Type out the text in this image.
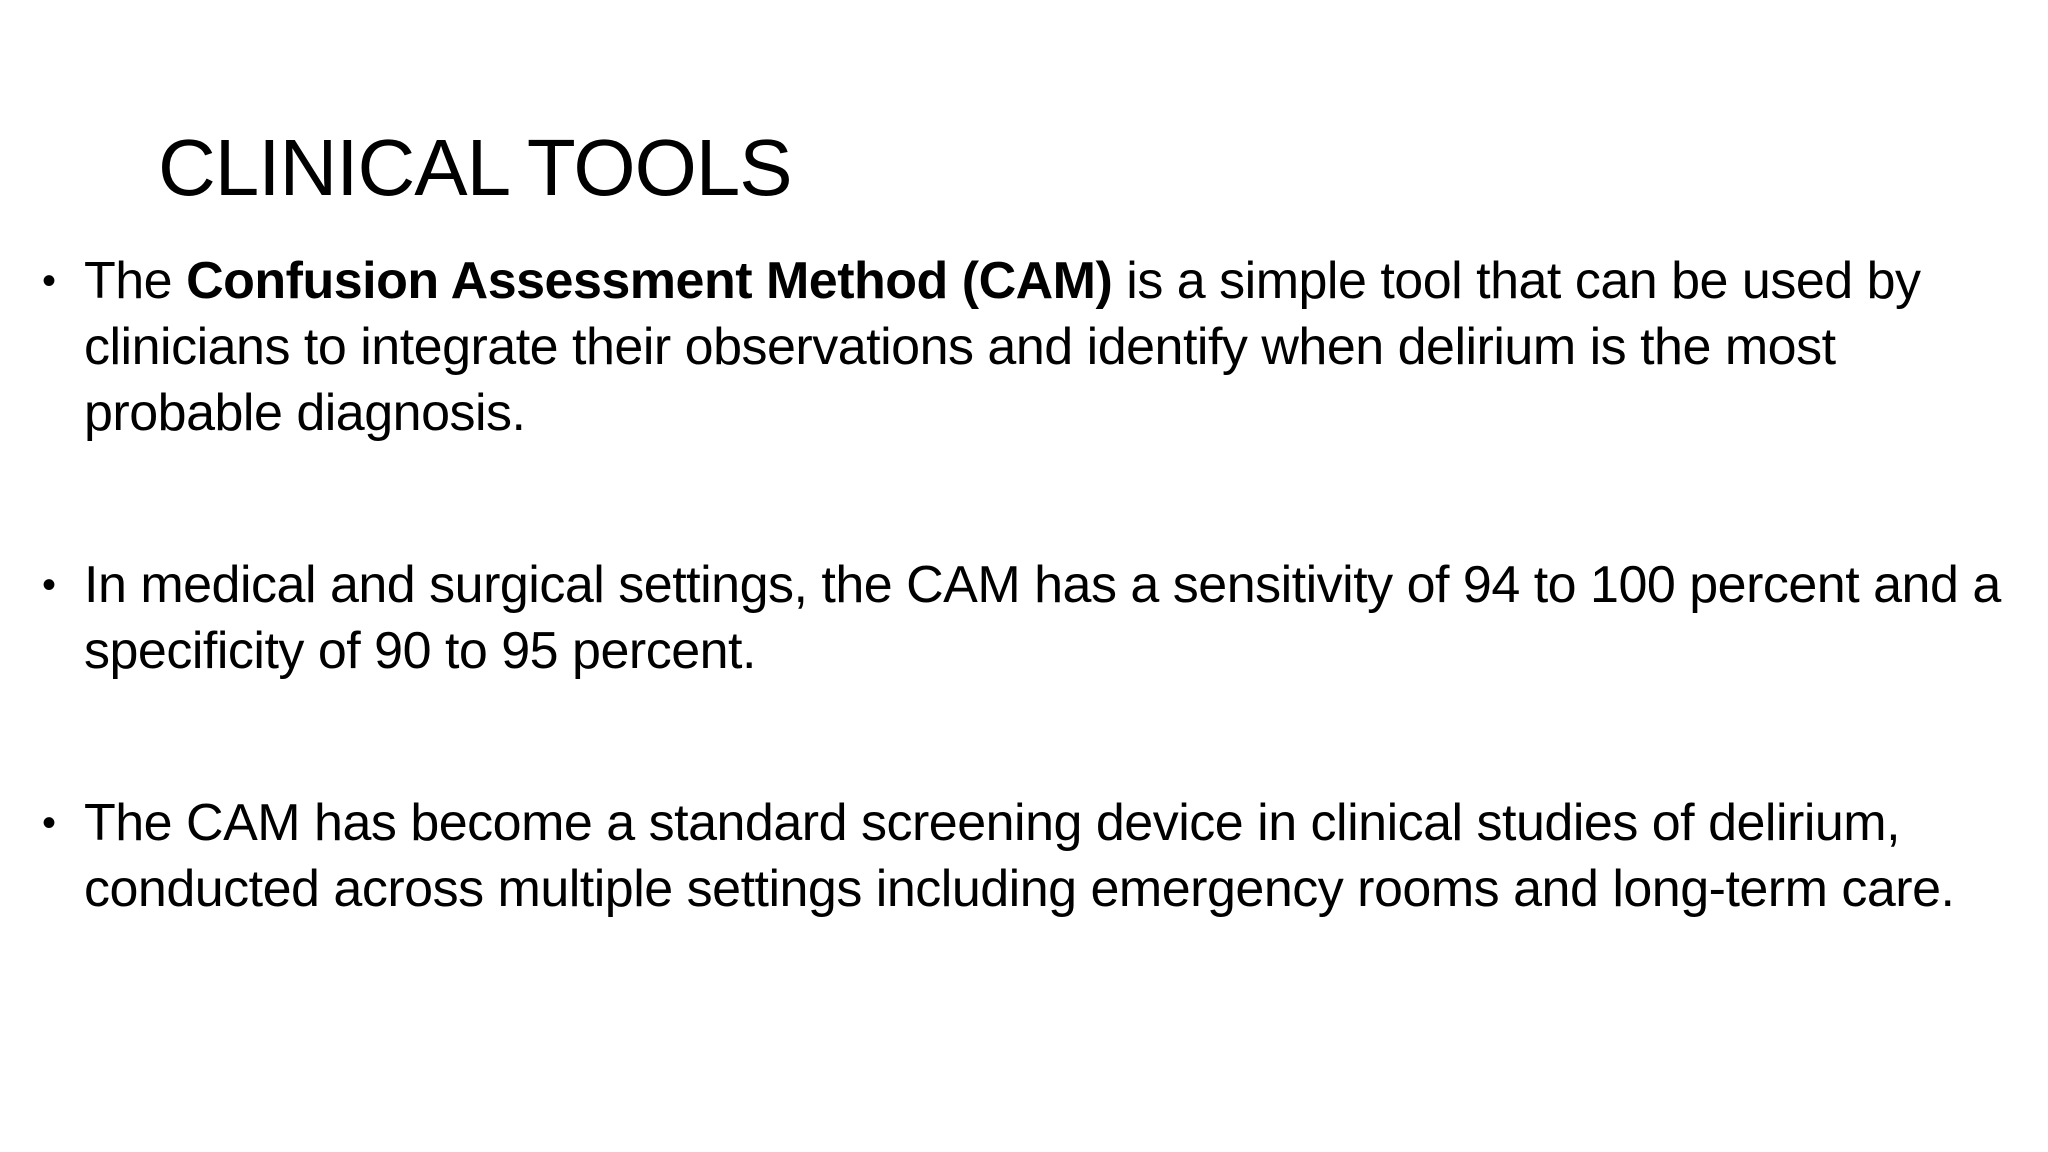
CLINICAL TOOLS
• The Confusion Assessment Method (CAM) is a simple tool that can be used by clinicians to integrate their observations and identify when delirium is the most probable diagnosis.
• In medical and surgical settings, the CAM has a sensitivity of 94 to 100 percent and a specificity of 90 to 95 percent.
• The CAM has become a standard screening device in clinical studies of delirium, conducted across multiple settings including emergency rooms and long-term care.
